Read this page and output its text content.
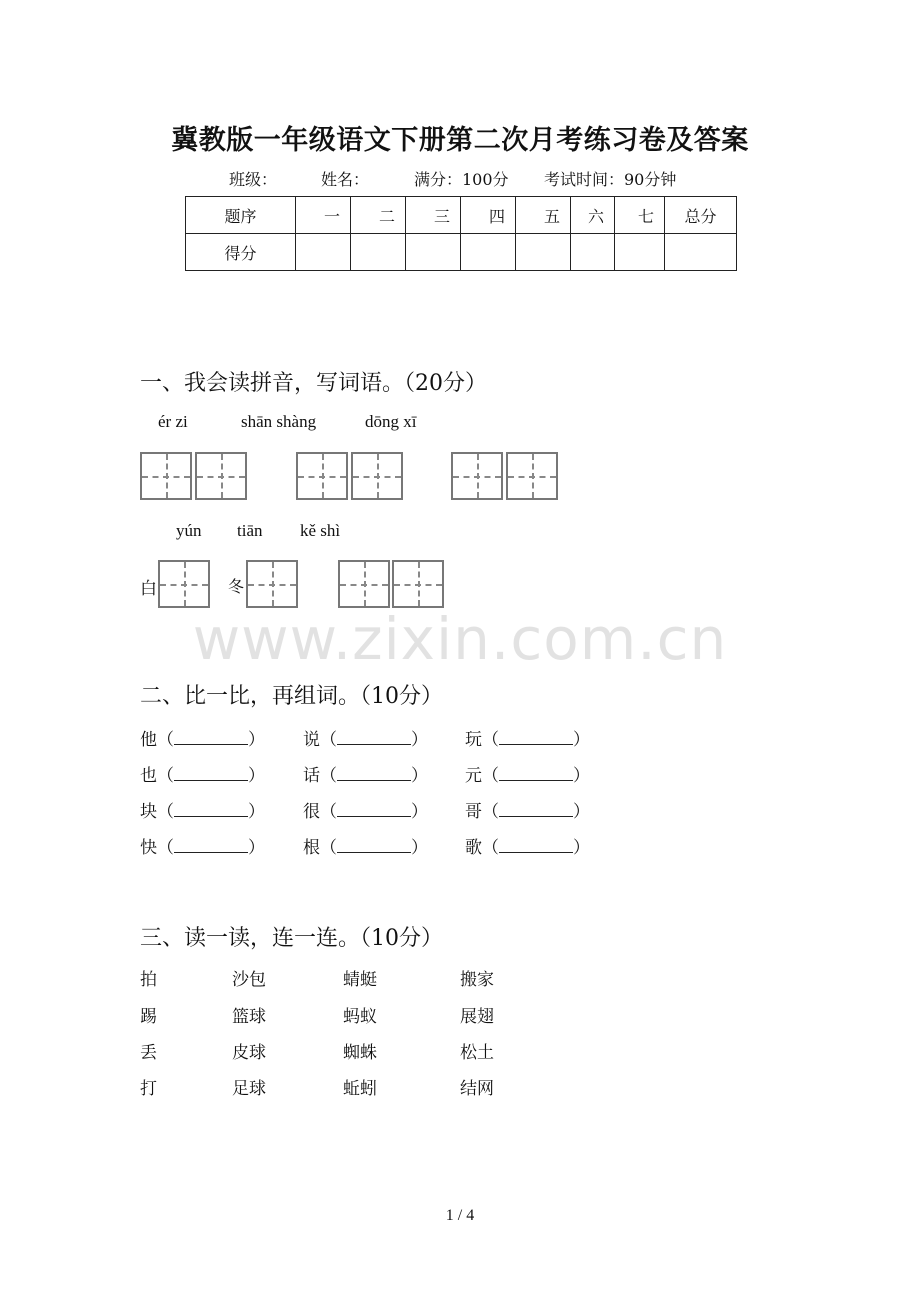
冀教版一年级语文下册第二次月考练习卷及答案
班级：	姓名：	满分：100分 考试时间：90分钟
题序	一	二	三	四	五	六	七	总分
得分								
一、我会读拼音，写词语。（20分）
ér zi	shān shàng	dōng xī
yún tiān kě shì
白	冬
www.zixin.com.cn
二、比一比，再组词。（10分）
他（	） 说（	） 玩（	）
也（	） 话（	） 元（	）
块（	） 很（	） 哥（	）
快（	） 根（	） 歌（	）
三、读一读，连一连。（10分）
拍	沙包	蜻蜓	搬家
踢	篮球	蚂蚁	展翅
丢	皮球	蜘蛛	松土
打	足球	蚯蚓	结网
1 / 4
